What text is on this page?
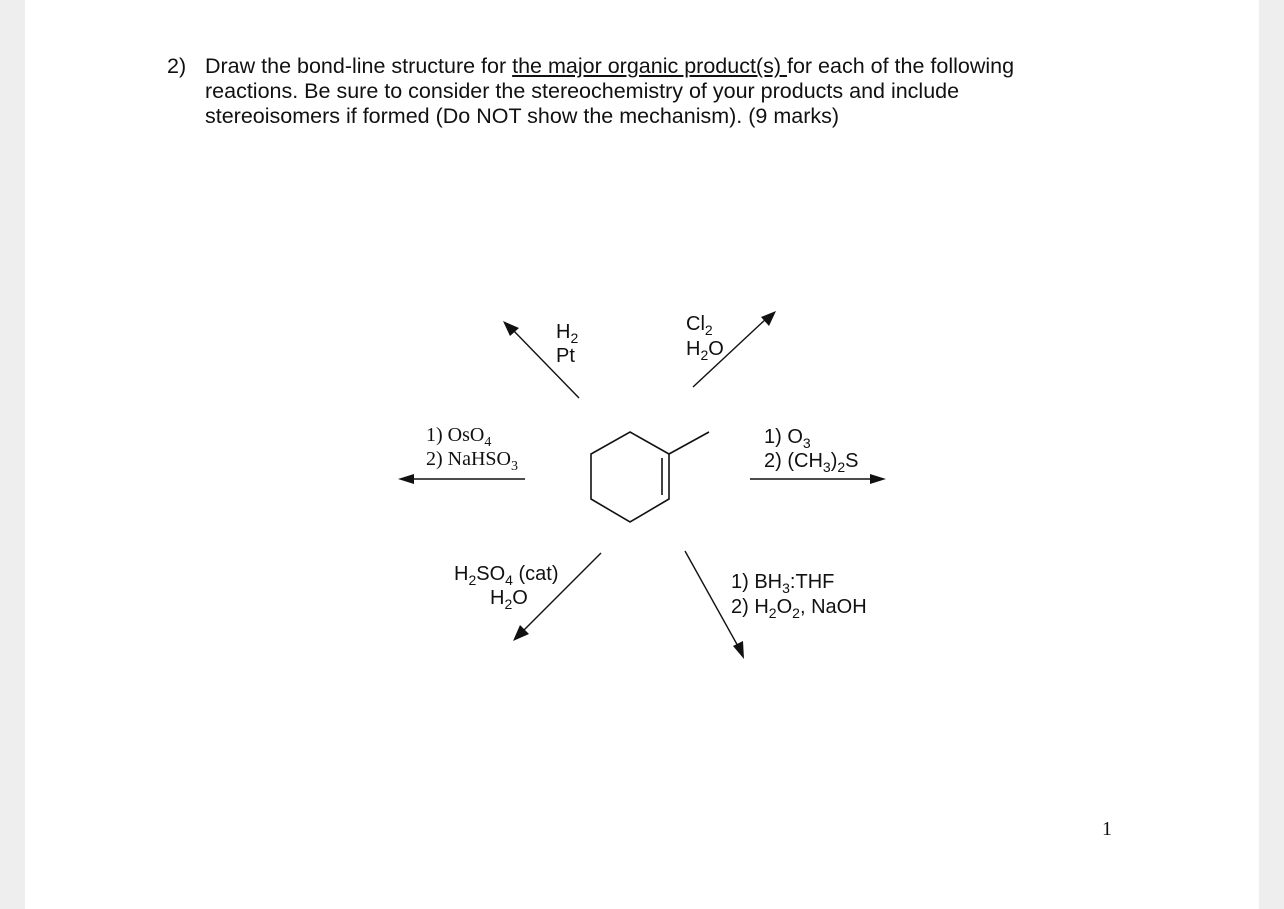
2) Draw the bond-line structure for the major organic product(s) for each of the following reactions. Be sure to consider the stereochemistry of your products and include stereoisomers if formed (Do NOT show the mechanism). (9 marks)
1
$H_2$
Pt
$Cl_2$
$H_2O$
1) OsO$_4$
2) NaHSO$_3$
1) $O_3$
2) $(CH_3)_2S$
$H_2SO_4$ (cat)
$H_2O$
1) $BH_3:THF$
2) $H_2O_2$, NaOH
